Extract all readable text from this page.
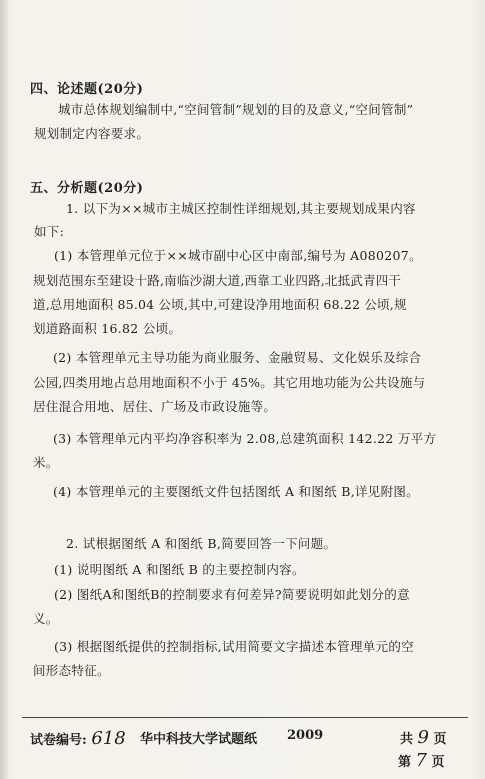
四、论述题(20分)
城市总体规划编制中,“空间管制”规划的目的及意义,“空间管制”
规划制定内容要求。
五、分析题(20分)
1. 以下为××城市主城区控制性详细规划,其主要规划成果内容
如下:
(1) 本管理单元位于××城市副中心区中南部,编号为 A080207。
规划范围东至建设十路,南临沙湖大道,西靠工业四路,北抵武青四干
道,总用地面积 85.04 公顷,其中,可建设净用地面积 68.22 公顷,规
划道路面积 16.82 公顷。
(2) 本管理单元主导功能为商业服务、金融贸易、文化娱乐及综合
公园,四类用地占总用地面积不小于 45%。其它用地功能为公共设施与
居住混合用地、居住、广场及市政设施等。
(3) 本管理单元内平均净容积率为 2.08,总建筑面积 142.22 万平方
米。
(4) 本管理单元的主要图纸文件包括图纸 A 和图纸 B,详见附图。
2. 试根据图纸 A 和图纸 B,简要回答一下问题。
(1) 说明图纸 A 和图纸 B 的主要控制内容。
(2) 图纸A和图纸B的控制要求有何差异?简要说明如此划分的意
义。
(3) 根据图纸提供的控制指标,试用简要文字描述本管理单元的空
间形态特征。
试卷编号: 618 华中科技大学试题纸 2009	共 9 页
第 7 页
